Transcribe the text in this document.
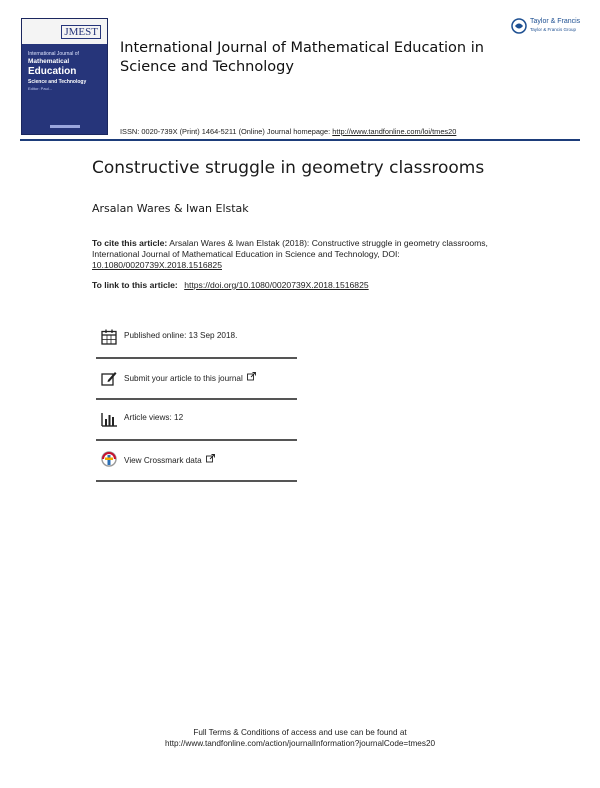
JMEST
International Journal of
Mathematical
Education
Science and Technology
Editor: Paul...
International Journal of Mathematical Education in Science and Technology
ISSN: 0020-739X (Print) 1464-5211 (Online) Journal homepage: http://www.tandfonline.com/loi/tmes20
Taylor & Francis
Taylor & Francis Group
Constructive struggle in geometry classrooms
Arsalan Wares & Iwan Elstak
To cite this article: Arsalan Wares & Iwan Elstak (2018): Constructive struggle in geometry classrooms, International Journal of Mathematical Education in Science and Technology, DOI: 10.1080/0020739X.2018.1516825
To link to this article: https://doi.org/10.1080/0020739X.2018.1516825
Published online: 13 Sep 2018.
Submit your article to this journal
Article views: 12
View Crossmark data
Full Terms & Conditions of access and use can be found at
http://www.tandfonline.com/action/journalInformation?journalCode=tmes20
